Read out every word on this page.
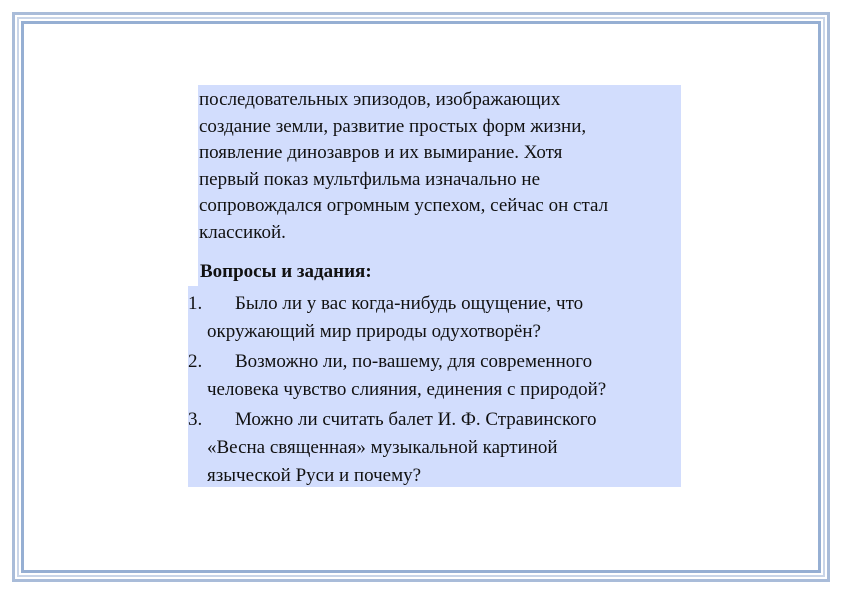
последовательных эпизодов, изображающих
создание земли, развитие простых форм жизни,
появление динозавров и их вымирание. Хотя
первый показ мультфильма изначально не
сопровождался огромным успехом, сейчас он стал
классикой.

Вопросы и задания:
1.	Было ли у вас когда-нибудь ощущение, что
окружающий мир природы одухотворён?
2.	Возможно ли, по-вашему, для современного
человека чувство слияния, единения с природой?
3.	Можно ли считать балет И. Ф. Стравинского
«Весна священная» музыкальной картиной
языческой Руси и почему?
